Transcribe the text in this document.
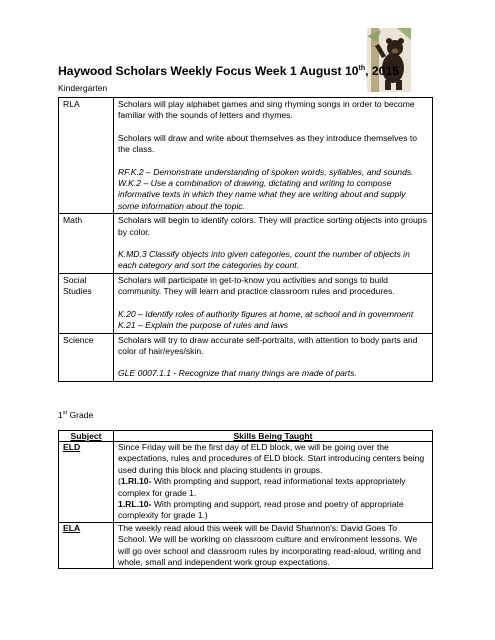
Haywood Scholars Weekly Focus Week 1 August 10th, 2015
Kindergarten
RLA	Scholars will play alphabet games and sing rhyming songs in order to become familiar with the sounds of letters and rhymes.
Scholars will draw and write about themselves as they introduce themselves to the class.
RF.K.2 – Demonstrate understanding of spoken words, syllables, and sounds.
W.K.2 – Use a combination of drawing, dictating and writing to compose informative texts in which they name what they are writing about and supply some information about the topic.

Math	Scholars will begin to identify colors. They will practice sorting objects into groups by color.
K.MD.3 Classify objects into given categories, count the number of objects in each category and sort the categories by count.

Social Studies	Scholars will participate in get-to-know you activities and songs to build community. They will learn and practice classroom rules and procedures.
K.20 – Identify roles of authority figures at home, at school and in government
K.21 – Explain the purpose of rules and laws

Science	Scholars will try to draw accurate self-portraits, with attention to body parts and color of hair/eyes/skin.
GLE 0007.1.1 - Recognize that many things are made of parts.
1st Grade
Subject	Skills Being Taught
ELD	Since Friday will be the first day of ELD block, we will be going over the expectations, rules and procedures of ELD block. Start introducing centers being used during this block and placing students in groups.
(1.RI.10- With prompting and support, read informational texts appropriately complex for grade 1.
1.RL.10- With prompting and support, read prose and poetry of appropriate complexity for grade 1.)

ELA	The weekly read aloud this week will be David Shannon's: David Goes To School. We will be working on classroom culture and environment lessons. We will go over school and classroom rules by incorporating read-aloud, writing and whole, small and independent work group expectations.
